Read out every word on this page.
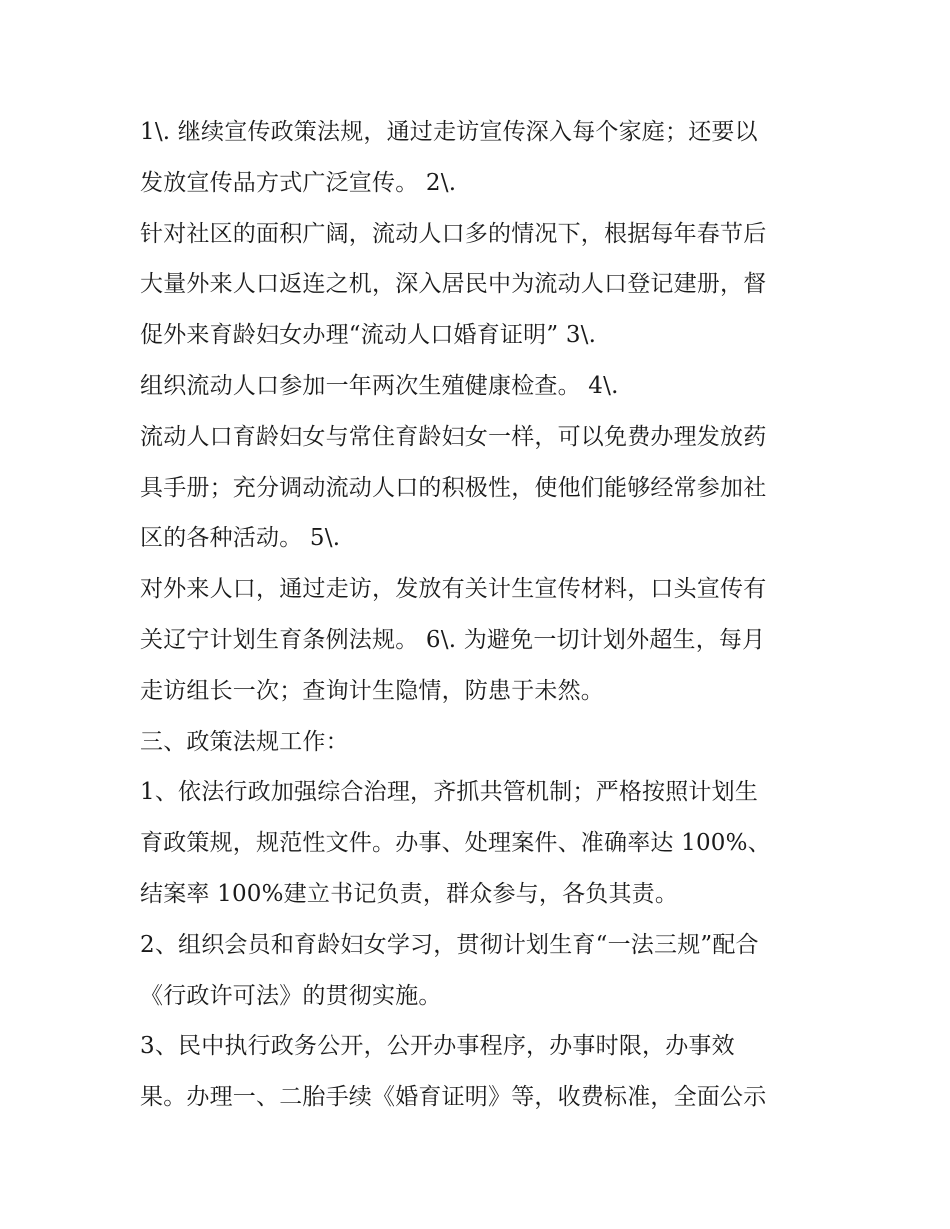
1\. 继续宣传政策法规，通过走访宣传深入每个家庭；还要以
发放宣传品方式广泛宣传。 2\.
针对社区的面积广阔，流动人口多的情况下，根据每年春节后
大量外来人口返连之机，深入居民中为流动人口登记建册，督
促外来育龄妇女办理“流动人口婚育证明” 3\.
组织流动人口参加一年两次生殖健康检查。 4\.
流动人口育龄妇女与常住育龄妇女一样，可以免费办理发放药
具手册；充分调动流动人口的积极性，使他们能够经常参加社
区的各种活动。 5\.
对外来人口，通过走访，发放有关计生宣传材料，口头宣传有
关辽宁计划生育条例法规。 6\. 为避免一切计划外超生，每月
走访组长一次；查询计生隐情，防患于未然。
三、政策法规工作：
1、依法行政加强综合治理，齐抓共管机制；严格按照计划生
育政策规，规范性文件。办事、处理案件、准确率达 100%、
结案率 100%建立书记负责，群众参与，各负其责。
2、组织会员和育龄妇女学习，贯彻计划生育“一法三规”配合
《行政许可法》的贯彻实施。
3、民中执行政务公开，公开办事程序，办事时限，办事效
果。办理一、二胎手续《婚育证明》等，收费标准，全面公示
